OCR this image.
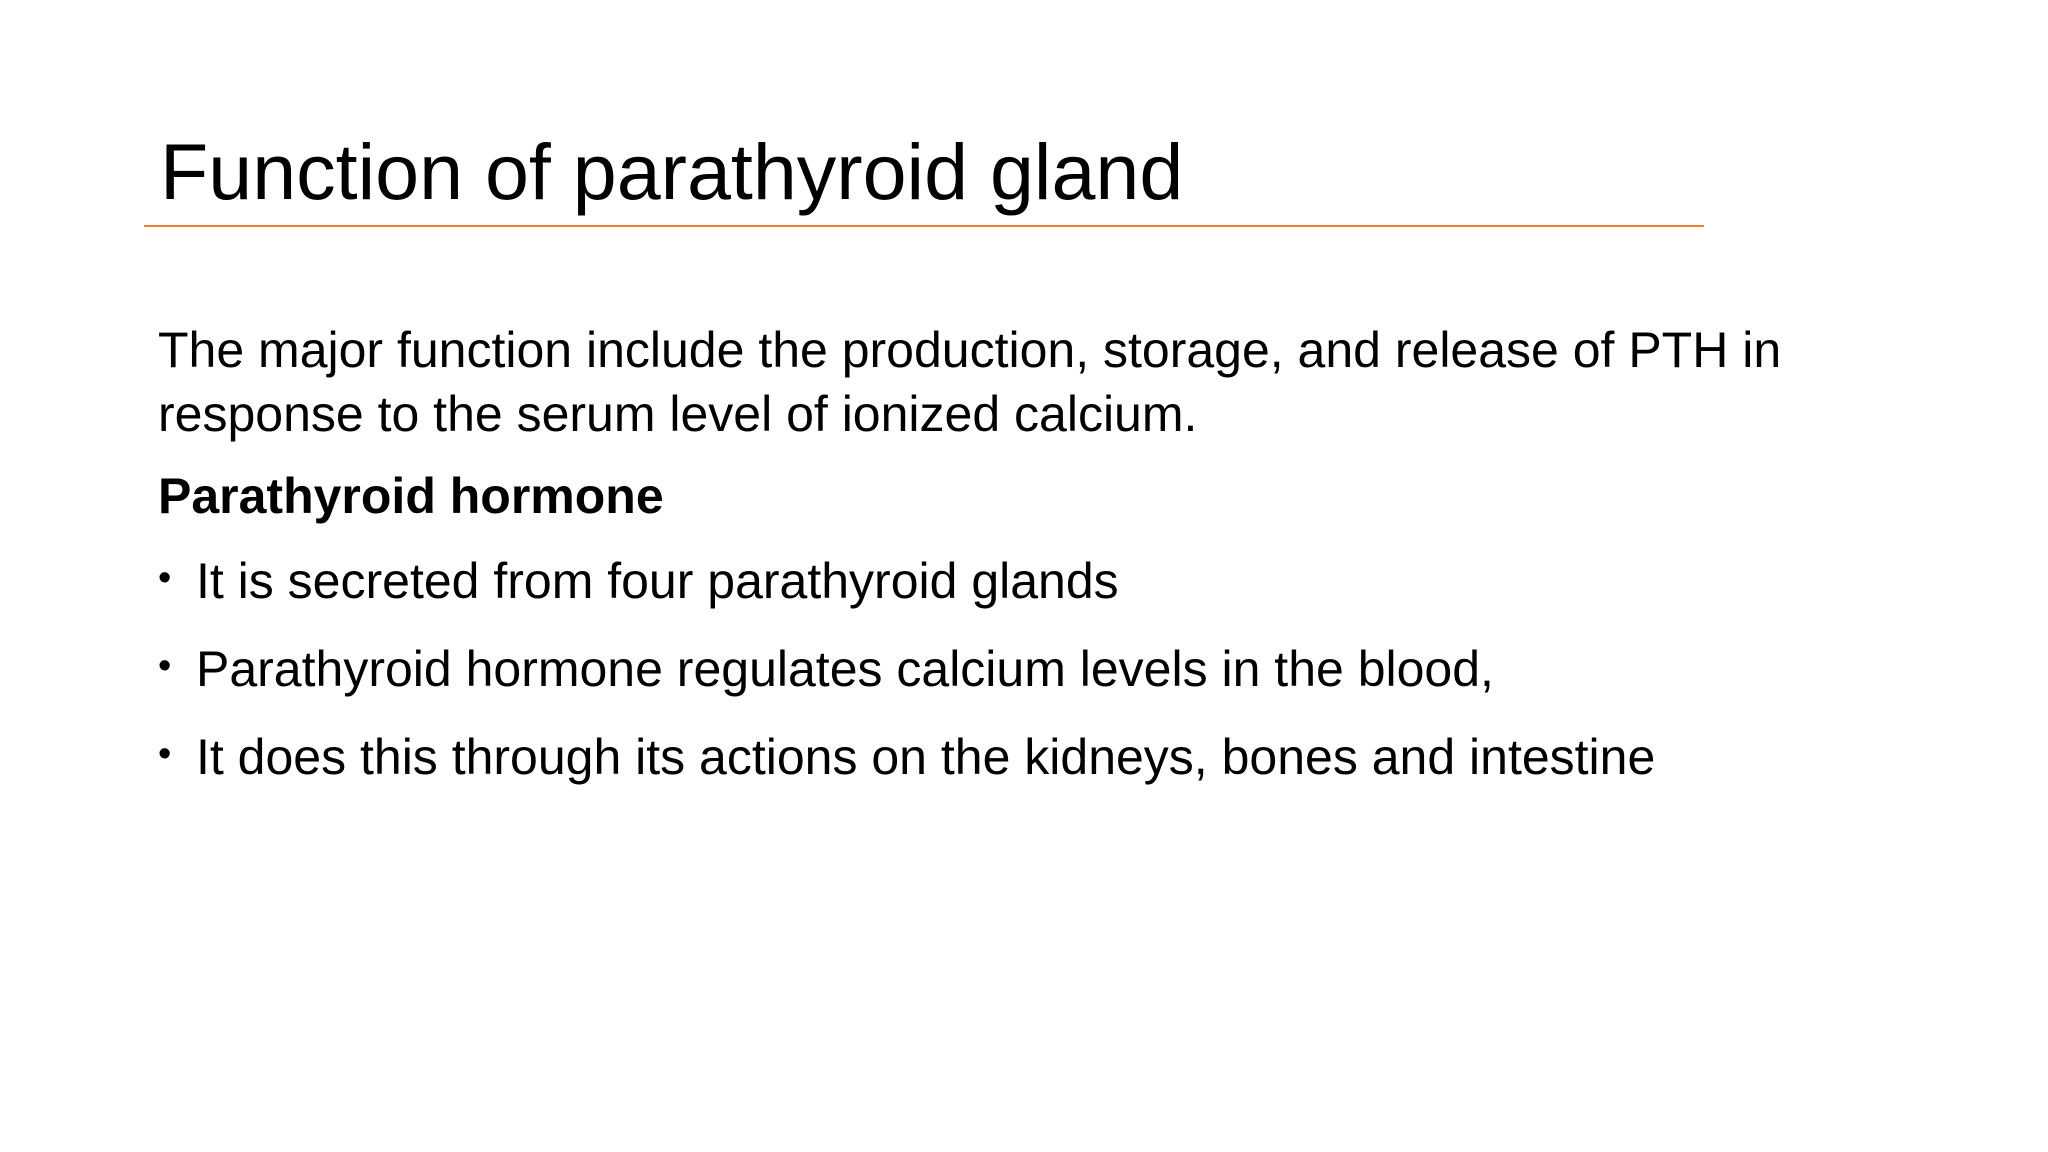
Function of parathyroid gland

The major function include the production, storage, and release of PTH in response to the serum level of ionized calcium.

Parathyroid hormone

• It is secreted from four parathyroid glands
• Parathyroid hormone regulates calcium levels in the blood,
• It does this through its actions on the kidneys, bones and intestine
